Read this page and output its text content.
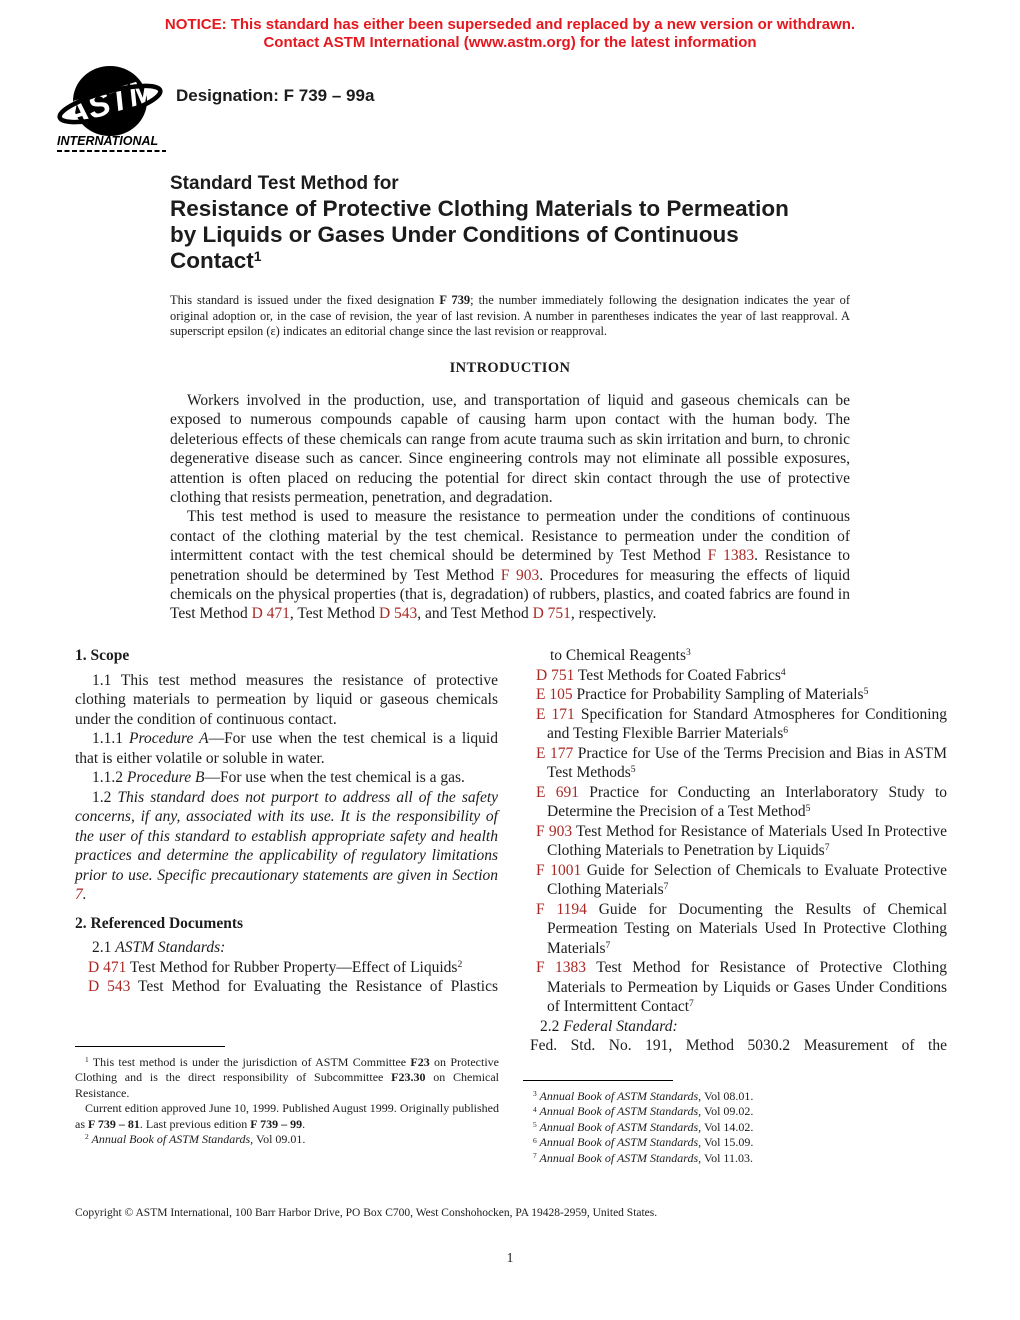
NOTICE: This standard has either been superseded and replaced by a new version or withdrawn.
Contact ASTM International (www.astm.org) for the latest information
ASTM
INTERNATIONAL
Designation: F 739 – 99a
Standard Test Method for
Resistance of Protective Clothing Materials to Permeation
by Liquids or Gases Under Conditions of Continuous
Contact$^1$
This standard is issued under the fixed designation F 739; the number immediately following the designation indicates the year of original adoption or, in the case of revision, the year of last revision. A number in parentheses indicates the year of last reapproval. A superscript epsilon (ε) indicates an editorial change since the last revision or reapproval.
INTRODUCTION

Workers involved in the production, use, and transportation of liquid and gaseous chemicals can be exposed to numerous compounds capable of causing harm upon contact with the human body. The deleterious effects of these chemicals can range from acute trauma such as skin irritation and burn, to chronic degenerative disease such as cancer. Since engineering controls may not eliminate all possible exposures, attention is often placed on reducing the potential for direct skin contact through the use of protective clothing that resists permeation, penetration, and degradation.

This test method is used to measure the resistance to permeation under the conditions of continuous contact of the clothing material by the test chemical. Resistance to permeation under the condition of intermittent contact with the test chemical should be determined by Test Method F 1383. Resistance to penetration should be determined by Test Method F 903. Procedures for measuring the effects of liquid chemicals on the physical properties (that is, degradation) of rubbers, plastics, and coated fabrics are found in Test Method D 471, Test Method D 543, and Test Method D 751, respectively.

1. Scope

1.1 This test method measures the resistance of protective clothing materials to permeation by liquid or gaseous chemicals under the condition of continuous contact.

1.1.1 Procedure A—For use when the test chemical is a liquid that is either volatile or soluble in water.

1.1.2 Procedure B—For use when the test chemical is a gas.

1.2 This standard does not purport to address all of the safety concerns, if any, associated with its use. It is the responsibility of the user of this standard to establish appropriate safety and health practices and determine the applicability of regulatory limitations prior to use. Specific precautionary statements are given in Section 7.

2. Referenced Documents

2.1 ASTM Standards:

D 471 Test Method for Rubber Property—Effect of Liquids$^2$
D 543 Test Method for Evaluating the Resistance of Plastics
to Chemical Reagents$^3$
D 751 Test Methods for Coated Fabrics$^4$
E 105 Practice for Probability Sampling of Materials$^5$
E 171 Specification for Standard Atmospheres for Conditioning and Testing Flexible Barrier Materials$^6$
E 177 Practice for Use of the Terms Precision and Bias in ASTM Test Methods$^5$
E 691 Practice for Conducting an Interlaboratory Study to Determine the Precision of a Test Method$^5$
F 903 Test Method for Resistance of Materials Used In Protective Clothing Materials to Penetration by Liquids$^7$
F 1001 Guide for Selection of Chemicals to Evaluate Protective Clothing Materials$^7$
F 1194 Guide for Documenting the Results of Chemical Permeation Testing on Materials Used In Protective Clothing Materials$^7$
F 1383 Test Method for Resistance of Protective Clothing Materials to Permeation by Liquids or Gases Under Conditions of Intermittent Contact$^7$

2.2 Federal Standard:

Fed. Std. No. 191, Method 5030.2 Measurement of the

$^1$ This test method is under the jurisdiction of ASTM Committee F23 on Protective Clothing and is the direct responsibility of Subcommittee F23.30 on Chemical Resistance.

Current edition approved June 10, 1999. Published August 1999. Originally published as F 739 – 81. Last previous edition F 739 – 99.

$^2$ Annual Book of ASTM Standards, Vol 09.01.

$^3$ Annual Book of ASTM Standards, Vol 08.01.

$^4$ Annual Book of ASTM Standards, Vol 09.02.

$^5$ Annual Book of ASTM Standards, Vol 14.02.

$^6$ Annual Book of ASTM Standards, Vol 15.09.

$^7$ Annual Book of ASTM Standards, Vol 11.03.

Copyright © ASTM International, 100 Barr Harbor Drive, PO Box C700, West Conshohocken, PA 19428-2959, United States.
1
